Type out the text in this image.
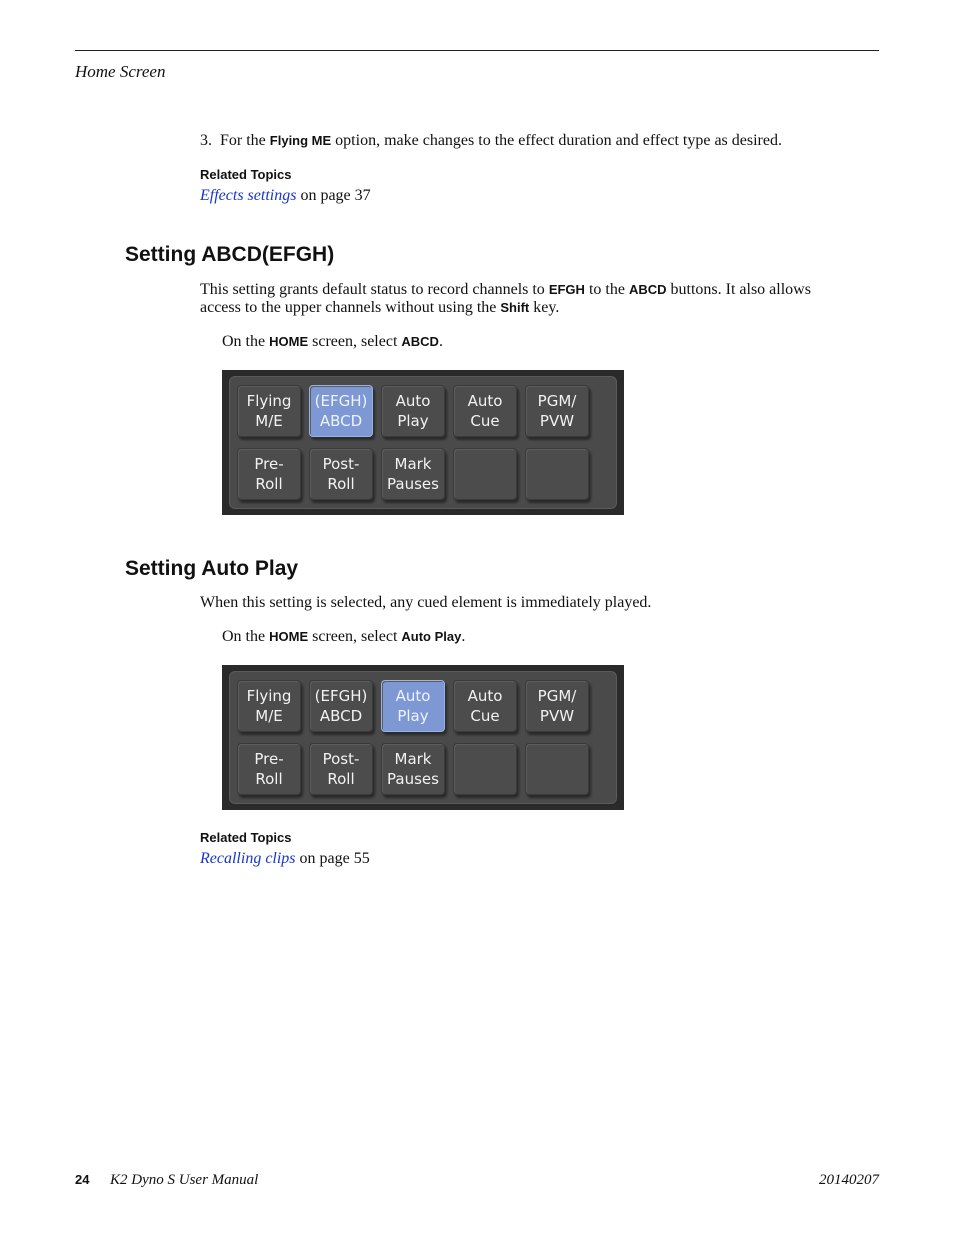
Home Screen
3. For the Flying ME option, make changes to the effect duration and effect type as desired.
Related Topics
Effects settings on page 37
Setting ABCD(EFGH)
This setting grants default status to record channels to EFGH to the ABCD buttons. It also allows
access to the upper channels without using the Shift key.
On the HOME screen, select ABCD.
Flying
M/E
(EFGH)
ABCD
Auto
Play
Auto
Cue
PGM/
PVW
Pre-
Roll
Post-
Roll
Mark
Pauses
Setting Auto Play
When this setting is selected, any cued element is immediately played.
On the HOME screen, select Auto Play.
Flying
M/E
(EFGH)
ABCD
Auto
Play
Auto
Cue
PGM/
PVW
Pre-
Roll
Post-
Roll
Mark
Pauses
Related Topics
Recalling clips on page 55
24 K2 Dyno S User Manual	20140207
